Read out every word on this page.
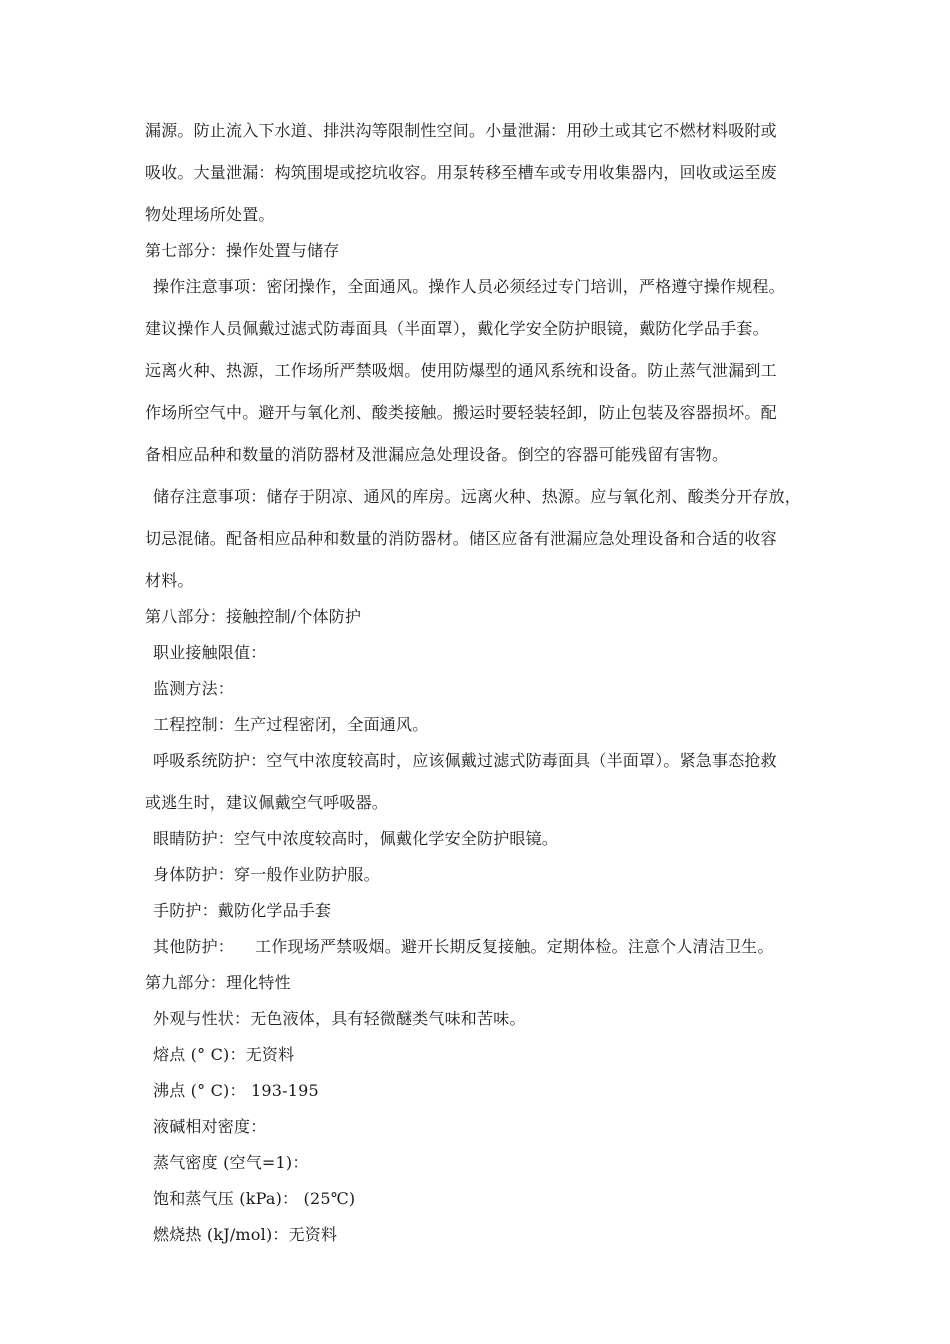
漏源。防止流入下水道、排洪沟等限制性空间。小量泄漏：用砂土或其它不燃材料吸附或
吸收。大量泄漏：构筑围堤或挖坑收容。用泵转移至槽车或专用收集器内，回收或运至废
物处理场所处置。
第七部分：操作处置与储存
操作注意事项：密闭操作，全面通风。操作人员必须经过专门培训，严格遵守操作规程。
建议操作人员佩戴过滤式防毒面具（半面罩），戴化学安全防护眼镜，戴防化学品手套。
远离火种、热源，工作场所严禁吸烟。使用防爆型的通风系统和设备。防止蒸气泄漏到工
作场所空气中。避开与氧化剂、酸类接触。搬运时要轻装轻卸，防止包装及容器损坏。配
备相应品种和数量的消防器材及泄漏应急处理设备。倒空的容器可能残留有害物。
储存注意事项：储存于阴凉、通风的库房。远离火种、热源。应与氧化剂、酸类分开存放，
切忌混储。配备相应品种和数量的消防器材。储区应备有泄漏应急处理设备和合适的收容
材料。
第八部分：接触控制/个体防护
职业接触限值：
监测方法：
工程控制：生产过程密闭，全面通风。
呼吸系统防护：空气中浓度较高时，应该佩戴过滤式防毒面具（半面罩）。紧急事态抢救
或逃生时，建议佩戴空气呼吸器。
眼睛防护：空气中浓度较高时，佩戴化学安全防护眼镜。
身体防护：穿一般作业防护服。
手防护：戴防化学品手套
其他防护：    工作现场严禁吸烟。避开长期反复接触。定期体检。注意个人清洁卫生。
第九部分：理化特性
外观与性状：无色液体，具有轻微醚类气味和苦味。
熔点 (° C)：无资料
沸点 (° C)： 193-195
液碱相对密度：
蒸气密度 (空气=1)：
饱和蒸气压 (kPa)： (25℃)
燃烧热 (kJ/mol)：无资料
